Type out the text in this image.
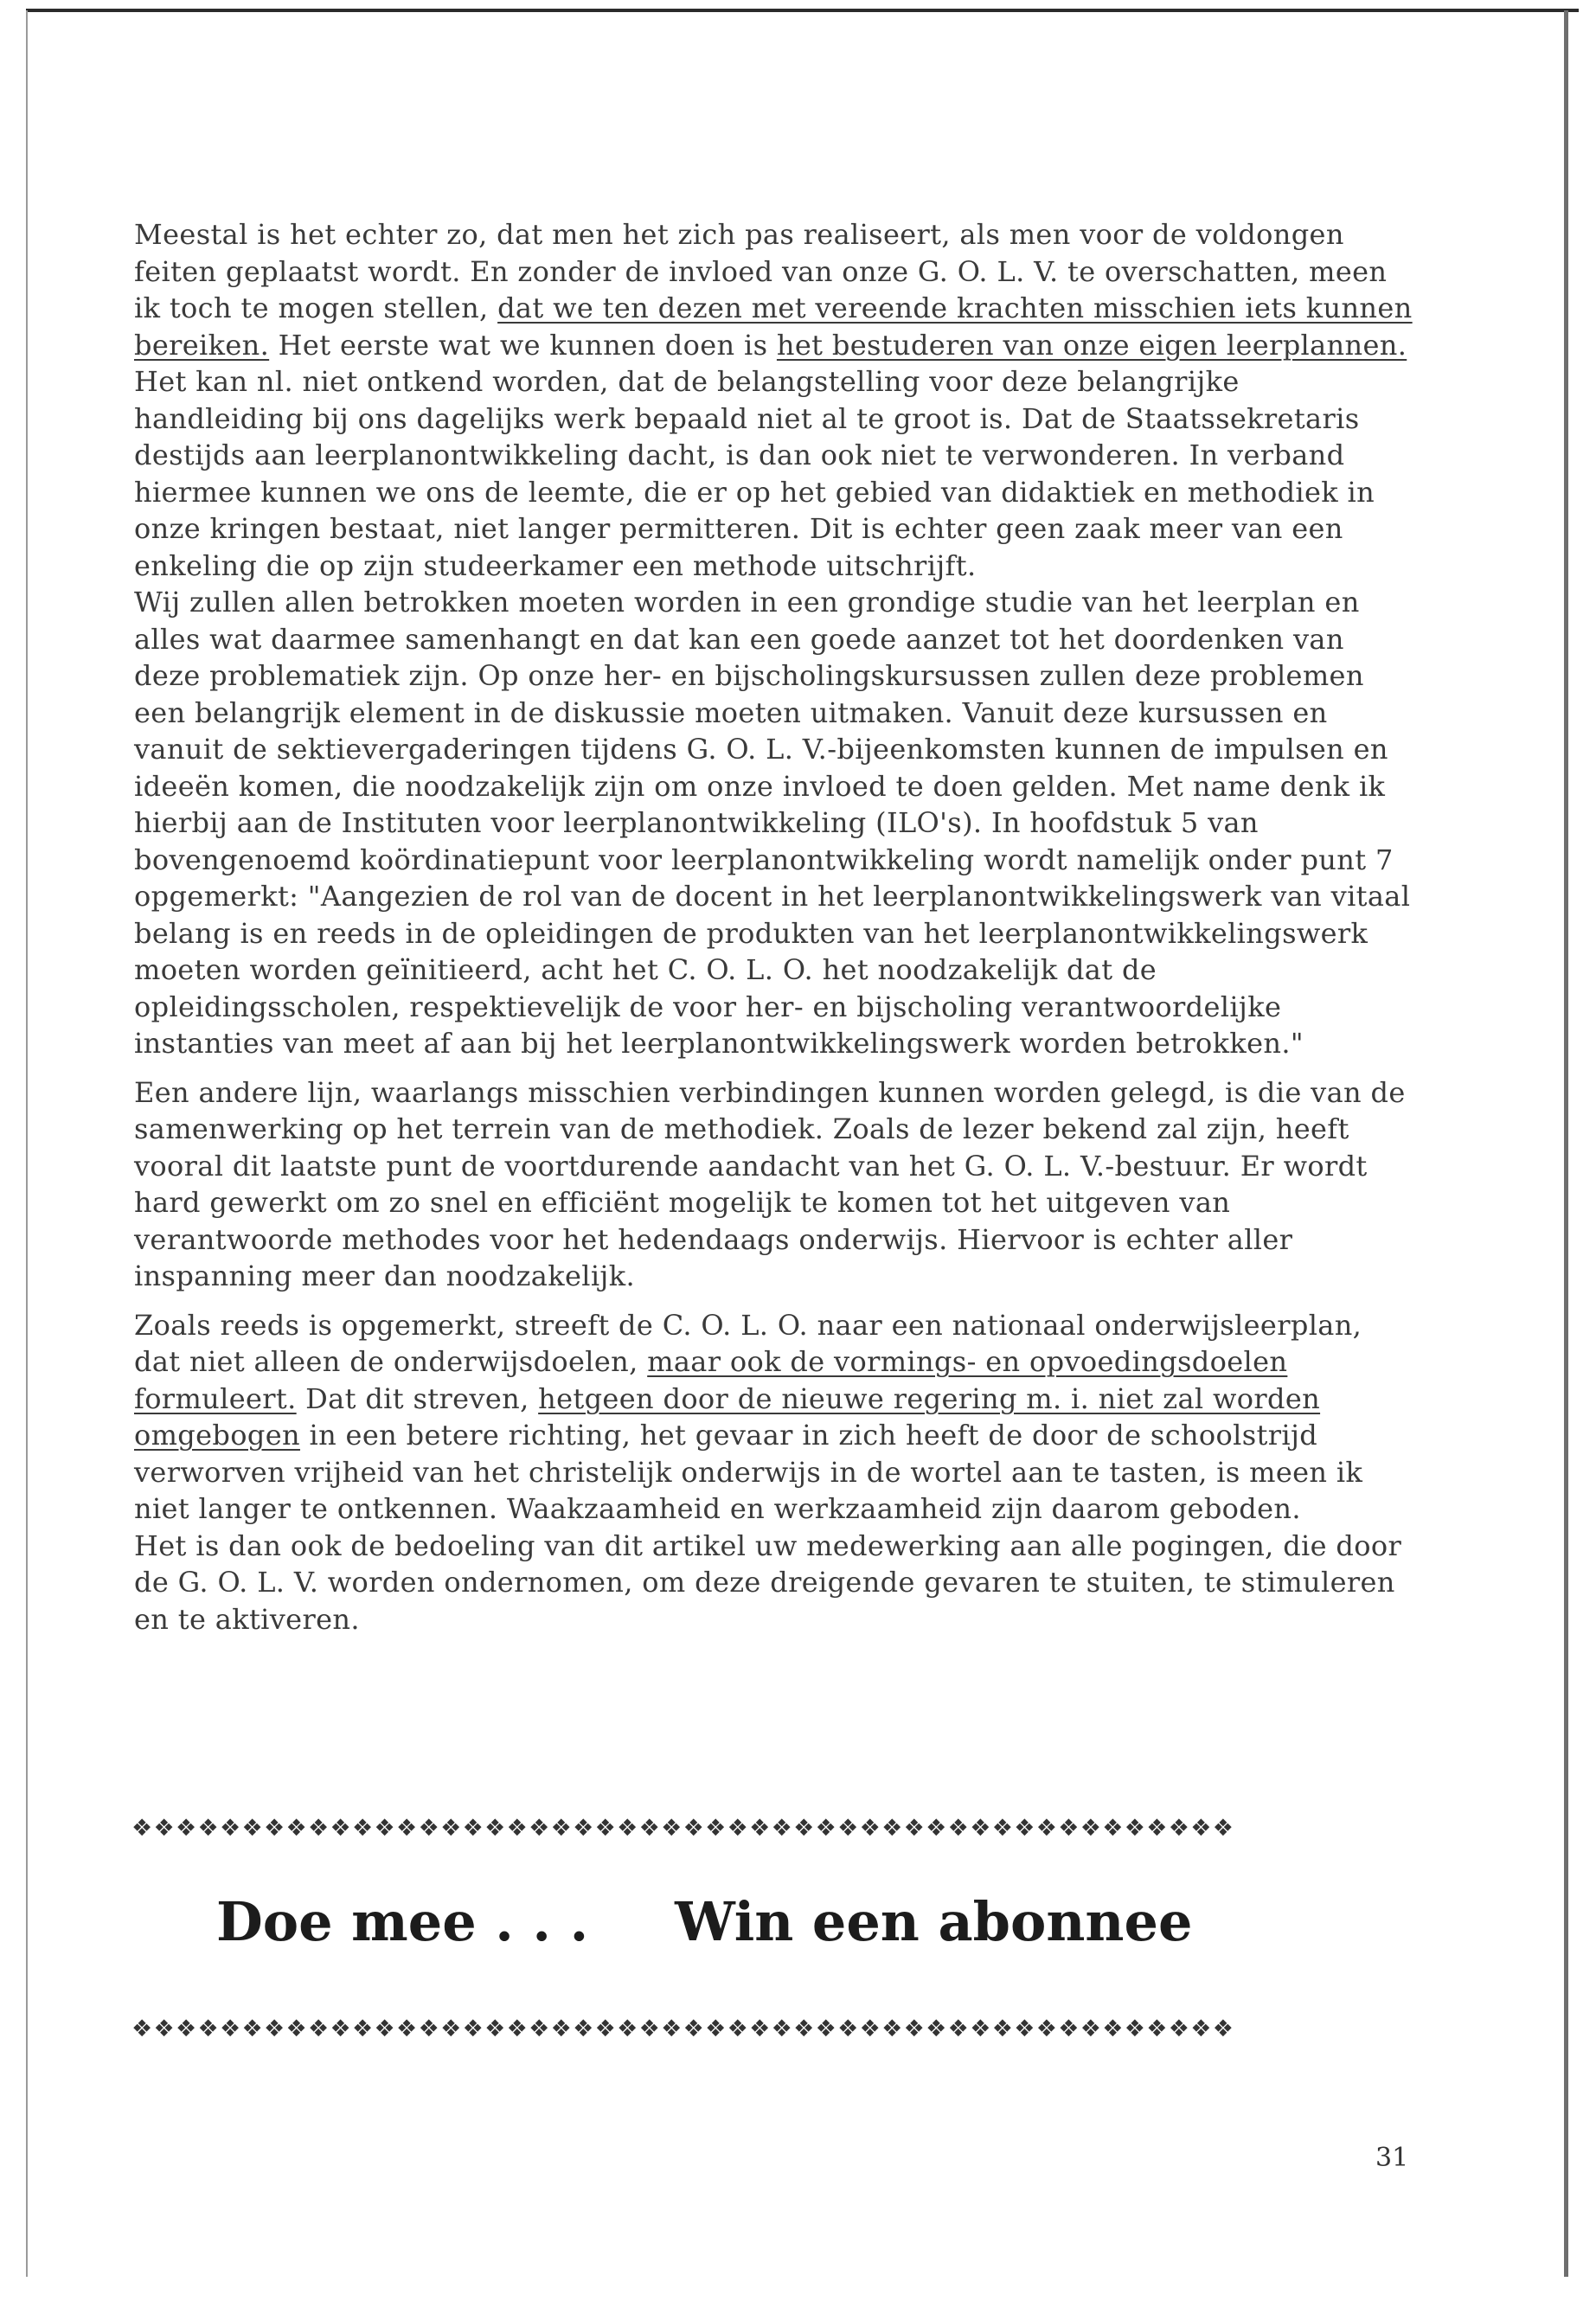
Meestal is het echter zo, dat men het zich pas realiseert, als men voor de voldongen feiten geplaatst wordt. En zonder de invloed van onze G. O. L. V. te overschatten, meen ik toch te mogen stellen, dat we ten dezen met vereende krachten misschien iets kunnen bereiken. Het eerste wat we kunnen doen is het bestuderen van onze eigen leerplannen. Het kan nl. niet ontkend worden, dat de belangstelling voor deze belangrijke handleiding bij ons dagelijks werk bepaald niet al te groot is. Dat de Staatssekretaris destijds aan leerplanontwikkeling dacht, is dan ook niet te verwonderen. In verband hiermee kunnen we ons de leemte, die er op het gebied van didaktiek en methodiek in onze kringen bestaat, niet langer permitteren. Dit is echter geen zaak meer van een enkeling die op zijn studeerkamer een methode uitschrijft.

Wij zullen allen betrokken moeten worden in een grondige studie van het leerplan en alles wat daarmee samenhangt en dat kan een goede aanzet tot het doordenken van deze problematiek zijn. Op onze her- en bijscholingskursussen zullen deze problemen een belangrijk element in de diskussie moeten uitmaken. Vanuit deze kursussen en vanuit de sektievergaderingen tijdens G. O. L. V.-bijeenkomsten kunnen de impulsen en ideeën komen, die noodzakelijk zijn om onze invloed te doen gelden. Met name denk ik hierbij aan de Instituten voor leerplanontwikkeling (ILO's). In hoofdstuk 5 van bovengenoemd koördinatiepunt voor leerplanontwikkeling wordt namelijk onder punt 7 opgemerkt: "Aangezien de rol van de docent in het leerplanontwikkelingswerk van vitaal belang is en reeds in de opleidingen de produkten van het leerplanontwikkelingswerk moeten worden geïnitieerd, acht het C. O. L. O. het noodzakelijk dat de opleidingsscholen, respektievelijk de voor her- en bijscholing verantwoordelijke instanties van meet af aan bij het leerplanontwikkelingswerk worden betrokken."

Een andere lijn, waarlangs misschien verbindingen kunnen worden gelegd, is die van de samenwerking op het terrein van de methodiek. Zoals de lezer bekend zal zijn, heeft vooral dit laatste punt de voortdurende aandacht van het G. O. L. V.-bestuur. Er wordt hard gewerkt om zo snel en efficiënt mogelijk te komen tot het uitgeven van verantwoorde methodes voor het hedendaags onderwijs. Hiervoor is echter aller inspanning meer dan noodzakelijk.

Zoals reeds is opgemerkt, streeft de C. O. L. O. naar een nationaal onderwijsleerplan, dat niet alleen de onderwijsdoelen, maar ook de vormings- en opvoedingsdoelen formuleert. Dat dit streven, hetgeen door de nieuwe regering m. i. niet zal worden omgebogen in een betere richting, het gevaar in zich heeft de door de schoolstrijd verworven vrijheid van het christelijk onderwijs in de wortel aan te tasten, is meen ik niet langer te ontkennen. Waakzaamheid en werkzaamheid zijn daarom geboden.

Het is dan ook de bedoeling van dit artikel uw medewerking aan alle pogingen, die door de G. O. L. V. worden ondernomen, om deze dreigende gevaren te stuiten, te stimuleren en te aktiveren.

❖❖❖❖❖❖❖❖❖❖❖❖❖❖❖❖❖❖❖❖❖❖❖❖❖❖❖❖❖❖❖❖❖❖❖❖❖❖❖❖❖❖❖❖❖❖❖❖❖❖
Doe mee . . . Win een abonnee
❖❖❖❖❖❖❖❖❖❖❖❖❖❖❖❖❖❖❖❖❖❖❖❖❖❖❖❖❖❖❖❖❖❖❖❖❖❖❖❖❖❖❖❖❖❖❖❖❖❖
31
